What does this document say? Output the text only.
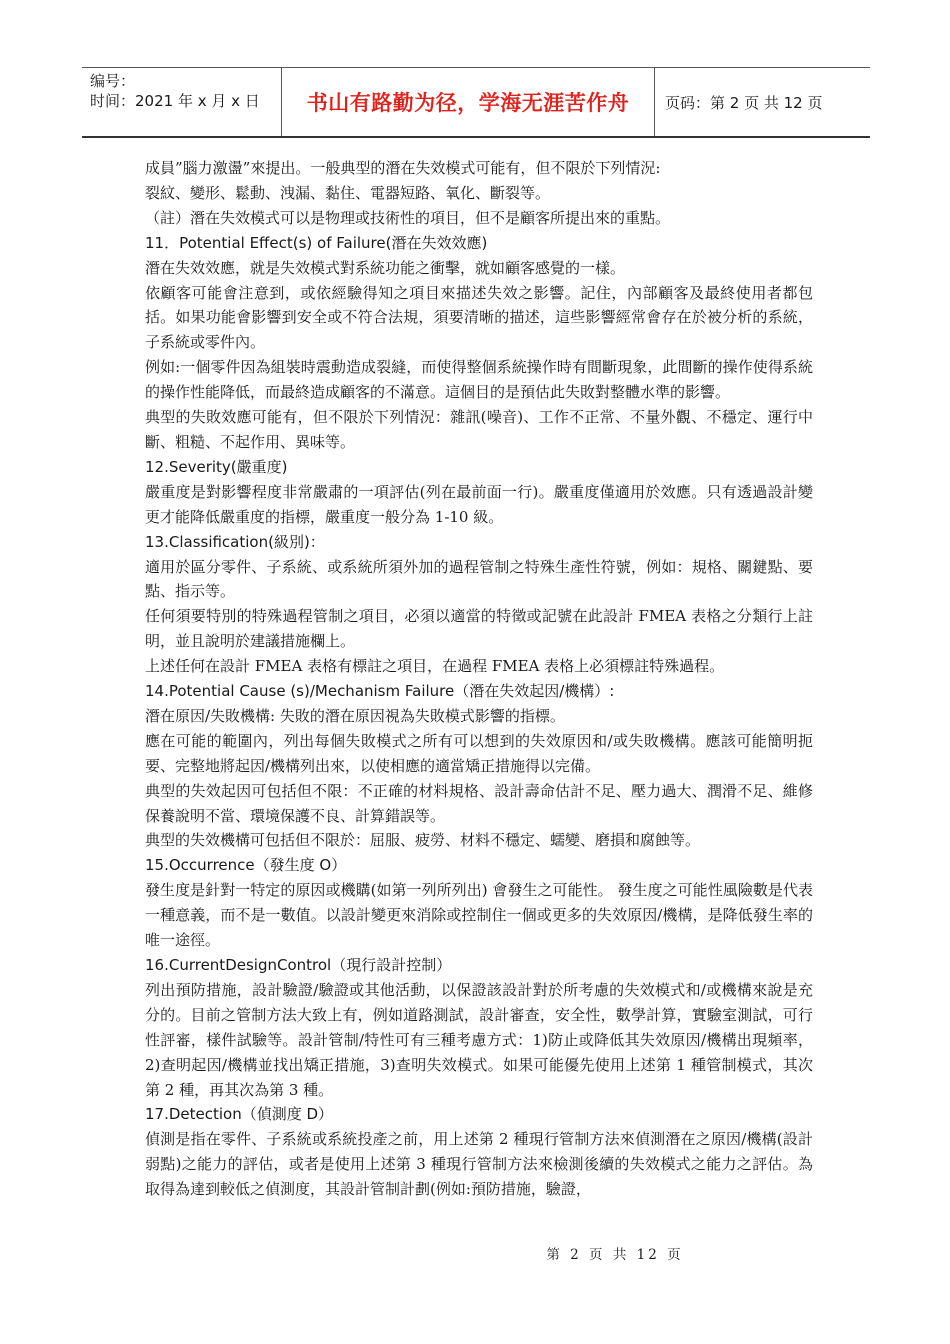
编号：
时间：2021 年 x 月 x 日	书山有路勤为径，学海无涯苦作舟	页码：第 2 页 共 12 页

成員”腦力激盪”來提出。一般典型的潛在失效模式可能有，但不限於下列情況:

裂紋、變形、鬆動、洩漏、黏住、電器短路、氧化、斷裂等。

（註）潛在失效模式可以是物理或技術性的項目，但不是顧客所提出來的重點。

11．Potential Effect(s) of Failure(潛在失效效應)

潛在失效效應，就是失效模式對系統功能之衝擊，就如顧客感覺的一樣。

依顧客可能會注意到，或依經驗得知之項目來描述失效之影響。記住，內部顧客及最終使用者都包括。如果功能會影響到安全或不符合法規，須要清晰的描述，這些影響經常會存在於被分析的系統，子系統或零件內。

例如:一個零件因為組裝時震動造成裂縫，而使得整個系統操作時有間斷現象，此間斷的操作使得系統的操作性能降低，而最終造成顧客的不滿意。這個目的是預估此失敗對整體水準的影響。

典型的失敗效應可能有，但不限於下列情況：雜訊(噪音)、工作不正常、不量外觀、不穩定、運行中斷、粗糙、不起作用、異味等。

12.Severity(嚴重度)

嚴重度是對影響程度非常嚴肅的一項評估(列在最前面一行)。嚴重度僅適用於效應。只有透過設計變更才能降低嚴重度的指標，嚴重度一般分為 1-10 級。

13.Classification(級別)：

適用於區分零件、子系統、或系統所須外加的過程管制之特殊生產性符號，例如：規格、關鍵點、要點、指示等。

任何須要特別的特殊過程管制之項目，必須以適當的特徵或記號在此設計 FMEA 表格之分類行上註明，並且說明於建議措施欄上。

上述任何在設計 FMEA 表格有標註之項目，在過程 FMEA 表格上必須標註特殊過程。

14.Potential Cause (s)/Mechanism Failure（潛在失效起因/機構）:

潛在原因/失敗機構: 失敗的潛在原因視為失敗模式影響的指標。

應在可能的範圍內，列出每個失敗模式之所有可以想到的失效原因和/或失敗機構。應該可能簡明扼要、完整地將起因/機構列出來，以使相應的適當矯正措施得以完備。

典型的失效起因可包括但不限：不正確的材料規格、設計壽命估計不足、壓力過大、潤滑不足、維修保養說明不當、環境保護不良、計算錯誤等。

典型的失效機構可包括但不限於：屈服、疲勞、材料不穩定、蠕變、磨損和腐蝕等。

15.Occurrence（發生度 O）

發生度是針對一特定的原因或機購(如第一列所列出) 會發生之可能性。 發生度之可能性風險數是代表一種意義，而不是一數值。以設計變更來消除或控制住一個或更多的失效原因/機構，是降低發生率的唯一途徑。

16.CurrentDesignControl（現行設計控制）

列出預防措施，設計驗證/驗證或其他活動，以保證該設計對於所考慮的失效模式和/或機構來說是充分的。目前之管制方法大致上有，例如道路測試，設計審查，安全性，數學計算，實驗室測試，可行性評審，樣件試驗等。設計管制/特性可有三種考慮方式：1)防止或降低其失效原因/機構出現頻率，2)查明起因/機構並找出矯正措施，3)查明失效模式。如果可能優先使用上述第 1 種管制模式，其次第 2 種，再其次為第 3 種。

17.Detection（偵測度 D）

偵測是指在零件、子系統或系統投產之前，用上述第 2 種現行管制方法來偵測潛在之原因/機構(設計弱點)之能力的評估，或者是使用上述第 3 種現行管制方法來檢測後續的失效模式之能力之評估。為取得為達到較低之偵測度，其設計管制計劃(例如:預防措施，驗證，

第 2 页 共 12 页
